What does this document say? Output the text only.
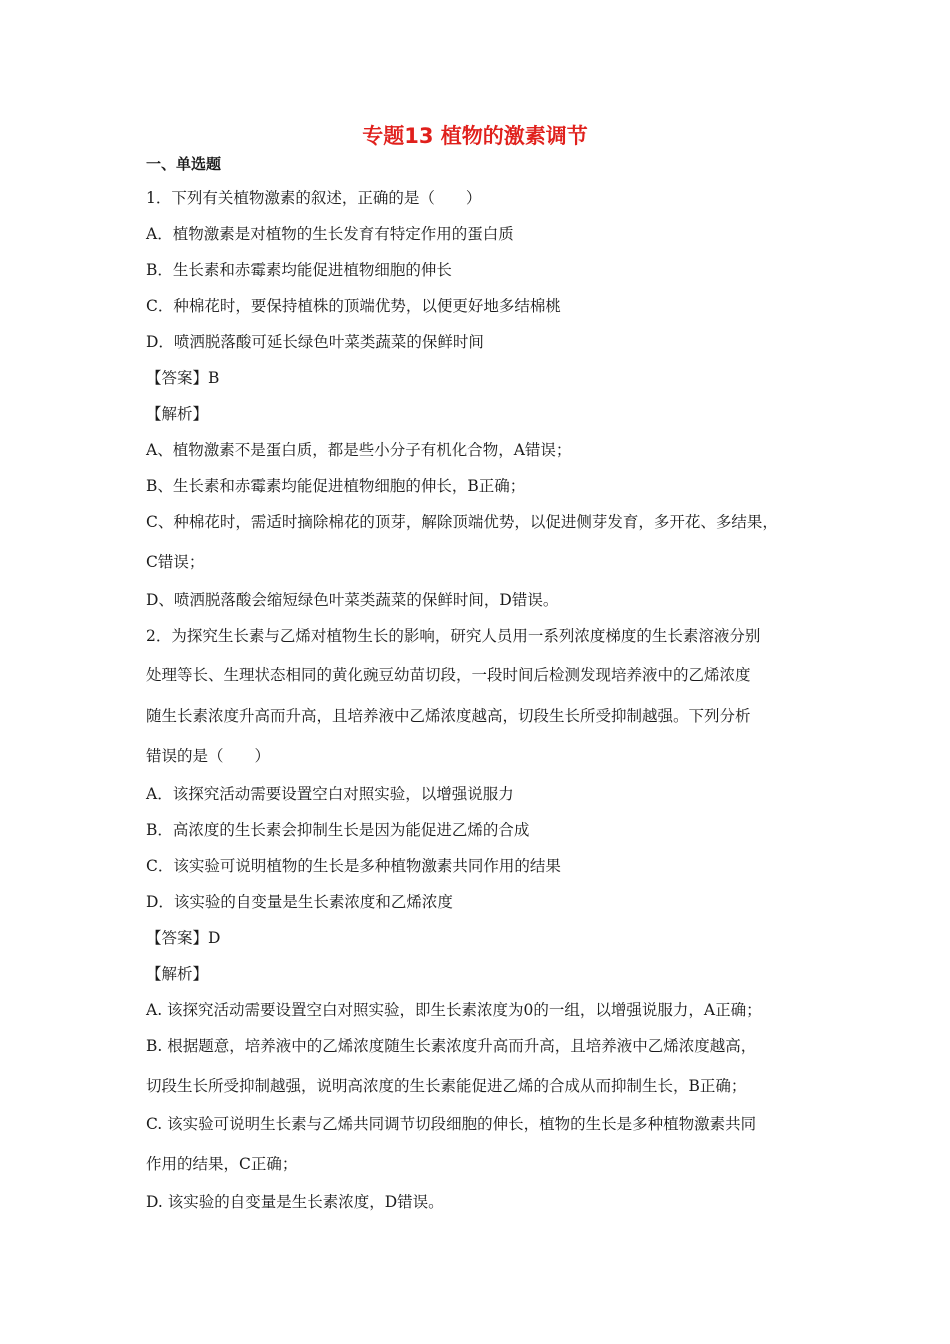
专题13 植物的激素调节
一、单选题
1．下列有关植物激素的叙述，正确的是（　　）
A．植物激素是对植物的生长发育有特定作用的蛋白质
B．生长素和赤霉素均能促进植物细胞的伸长
C．种棉花时，要保持植株的顶端优势，以便更好地多结棉桃
D．喷洒脱落酸可延长绿色叶菜类蔬菜的保鲜时间
【答案】B
【解析】
A、植物激素不是蛋白质，都是些小分子有机化合物，A错误；
B、生长素和赤霉素均能促进植物细胞的伸长，B正确；
C、种棉花时，需适时摘除棉花的顶芽，解除顶端优势，以促进侧芽发育，多开花、多结果，
C错误；
D、喷洒脱落酸会缩短绿色叶菜类蔬菜的保鲜时间，D错误。
2．为探究生长素与乙烯对植物生长的影响，研究人员用一系列浓度梯度的生长素溶液分别
处理等长、生理状态相同的黄化豌豆幼苗切段，一段时间后检测发现培养液中的乙烯浓度
随生长素浓度升高而升高，且培养液中乙烯浓度越高，切段生长所受抑制越强。下列分析
错误的是（　　）
A．该探究活动需要设置空白对照实验，以增强说服力
B．高浓度的生长素会抑制生长是因为能促进乙烯的合成
C．该实验可说明植物的生长是多种植物激素共同作用的结果
D．该实验的自变量是生长素浓度和乙烯浓度
【答案】D
【解析】
A. 该探究活动需要设置空白对照实验，即生长素浓度为0的一组，以增强说服力，A正确；
B. 根据题意，培养液中的乙烯浓度随生长素浓度升高而升高，且培养液中乙烯浓度越高，
切段生长所受抑制越强，说明高浓度的生长素能促进乙烯的合成从而抑制生长，B正确；
C. 该实验可说明生长素与乙烯共同调节切段细胞的伸长，植物的生长是多种植物激素共同
作用的结果，C正确；
D. 该实验的自变量是生长素浓度，D错误。
